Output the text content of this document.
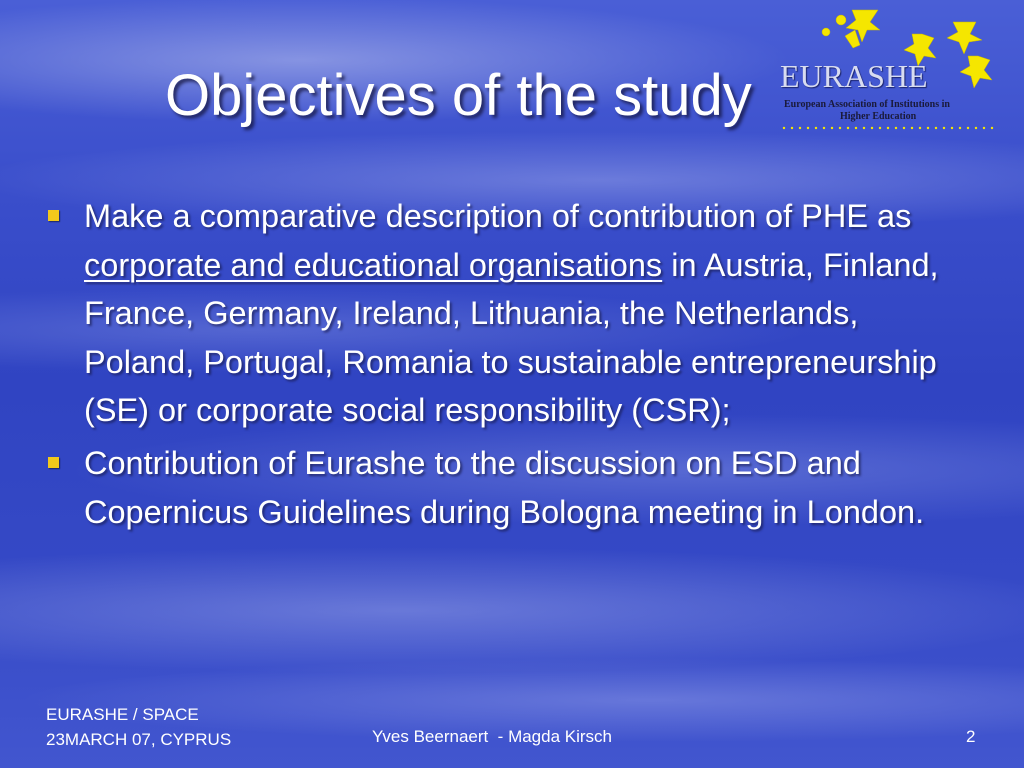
Objectives of the study EURASHE
European Association of Institutions in
Higher Education
Make a comparative description of contribution of PHE as corporate and educational organisations in Austria, Finland, France, Germany, Ireland, Lithuania, the Netherlands, Poland, Portugal, Romania to sustainable entrepreneurship (SE) or corporate social responsibility (CSR);
Contribution of Eurashe to the discussion on ESD and Copernicus Guidelines during Bologna meeting in London.
EURASHE / SPACE
23MARCH 07, CYPRUS	Yves Beernaert  - Magda Kirsch	2
